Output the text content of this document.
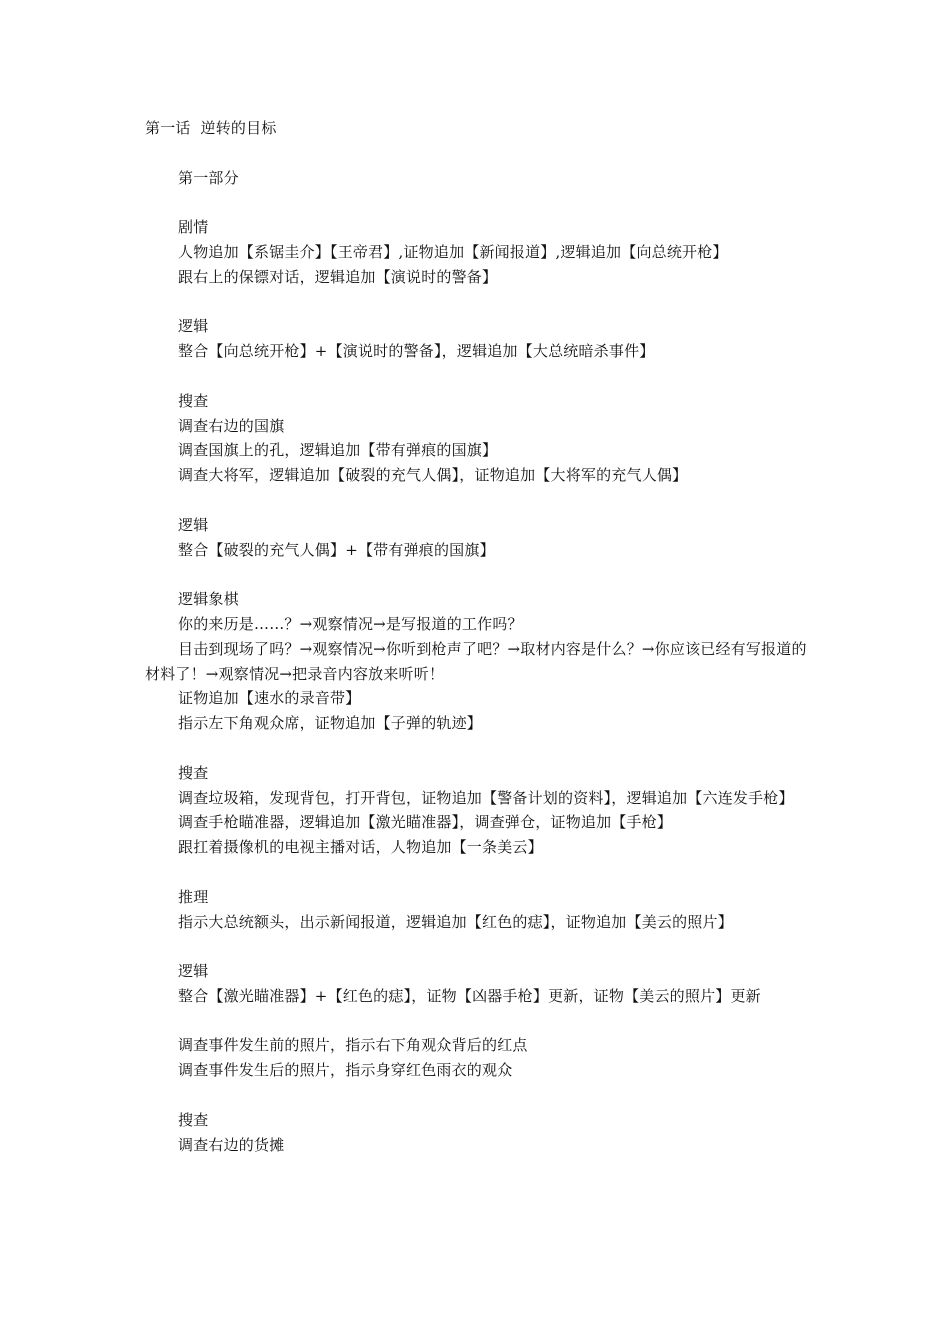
第一话  逆转的目标

第一部分

剧情

人物追加【系锯圭介】【王帝君】,证物追加【新闻报道】,逻辑追加【向总统开枪】

跟右上的保镖对话，逻辑追加【演说时的警备】

逻辑

整合【向总统开枪】+【演说时的警备】，逻辑追加【大总统暗杀事件】

搜查

调查右边的国旗

调查国旗上的孔，逻辑追加【带有弹痕的国旗】

调查大将军，逻辑追加【破裂的充气人偶】，证物追加【大将军的充气人偶】

逻辑

整合【破裂的充气人偶】+【带有弹痕的国旗】

逻辑象棋

你的来历是……？→观察情况→是写报道的工作吗？

目击到现场了吗？→观察情况→你听到枪声了吧？→取材内容是什么？→你应该已经有写报道的材料了！→观察情况→把录音内容放来听听！

证物追加【速水的录音带】

指示左下角观众席，证物追加【子弹的轨迹】

搜查

调查垃圾箱，发现背包，打开背包，证物追加【警备计划的资料】，逻辑追加【六连发手枪】

调查手枪瞄准器，逻辑追加【激光瞄准器】，调查弹仓，证物追加【手枪】

跟扛着摄像机的电视主播对话，人物追加【一条美云】

推理

指示大总统额头，出示新闻报道，逻辑追加【红色的痣】，证物追加【美云的照片】

逻辑

整合【激光瞄准器】+【红色的痣】，证物【凶器手枪】更新，证物【美云的照片】更新

调查事件发生前的照片，指示右下角观众背后的红点

调查事件发生后的照片，指示身穿红色雨衣的观众

搜查

调查右边的货摊
